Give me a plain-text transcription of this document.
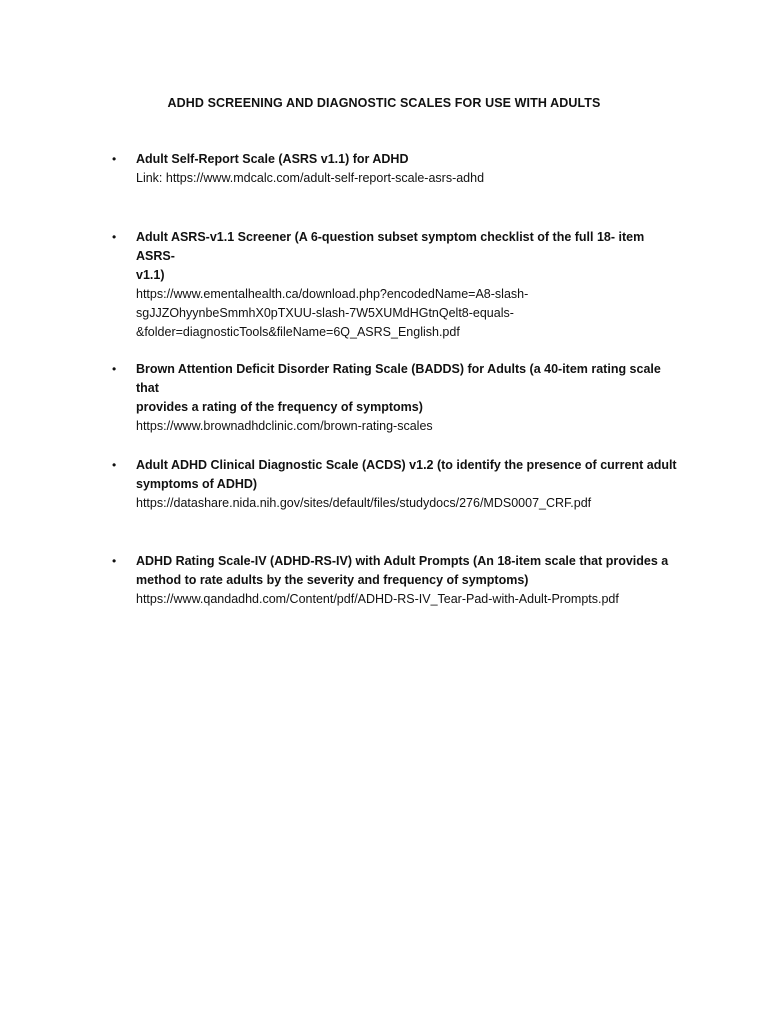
ADHD SCREENING AND DIAGNOSTIC SCALES FOR USE WITH ADULTS
• Adult Self-Report Scale (ASRS v1.1) for ADHD
Link: https://www.mdcalc.com/adult-self-report-scale-asrs-adhd
• Adult ASRS-v1.1 Screener (A 6-question subset symptom checklist of the full 18- item ASRS-
v1.1)
https://www.ementalhealth.ca/download.php?encodedName=A8-slash-
sgJJZOhyynbeSmmhX0pTXUU-slash-7W5XUMdHGtnQelt8-equals-
&folder=diagnosticTools&fileName=6Q_ASRS_English.pdf
• Brown Attention Deficit Disorder Rating Scale (BADDS) for Adults (a 40-item rating scale that
provides a rating of the frequency of symptoms)
https://www.brownadhdclinic.com/brown-rating-scales
• Adult ADHD Clinical Diagnostic Scale (ACDS) v1.2 (to identify the presence of current adult
symptoms of ADHD)
https://datashare.nida.nih.gov/sites/default/files/studydocs/276/MDS0007_CRF.pdf
• ADHD Rating Scale-IV (ADHD-RS-IV) with Adult Prompts (An 18-item scale that provides a
method to rate adults by the severity and frequency of symptoms)
https://www.qandadhd.com/Content/pdf/ADHD-RS-IV_Tear-Pad-with-Adult-Prompts.pdf
